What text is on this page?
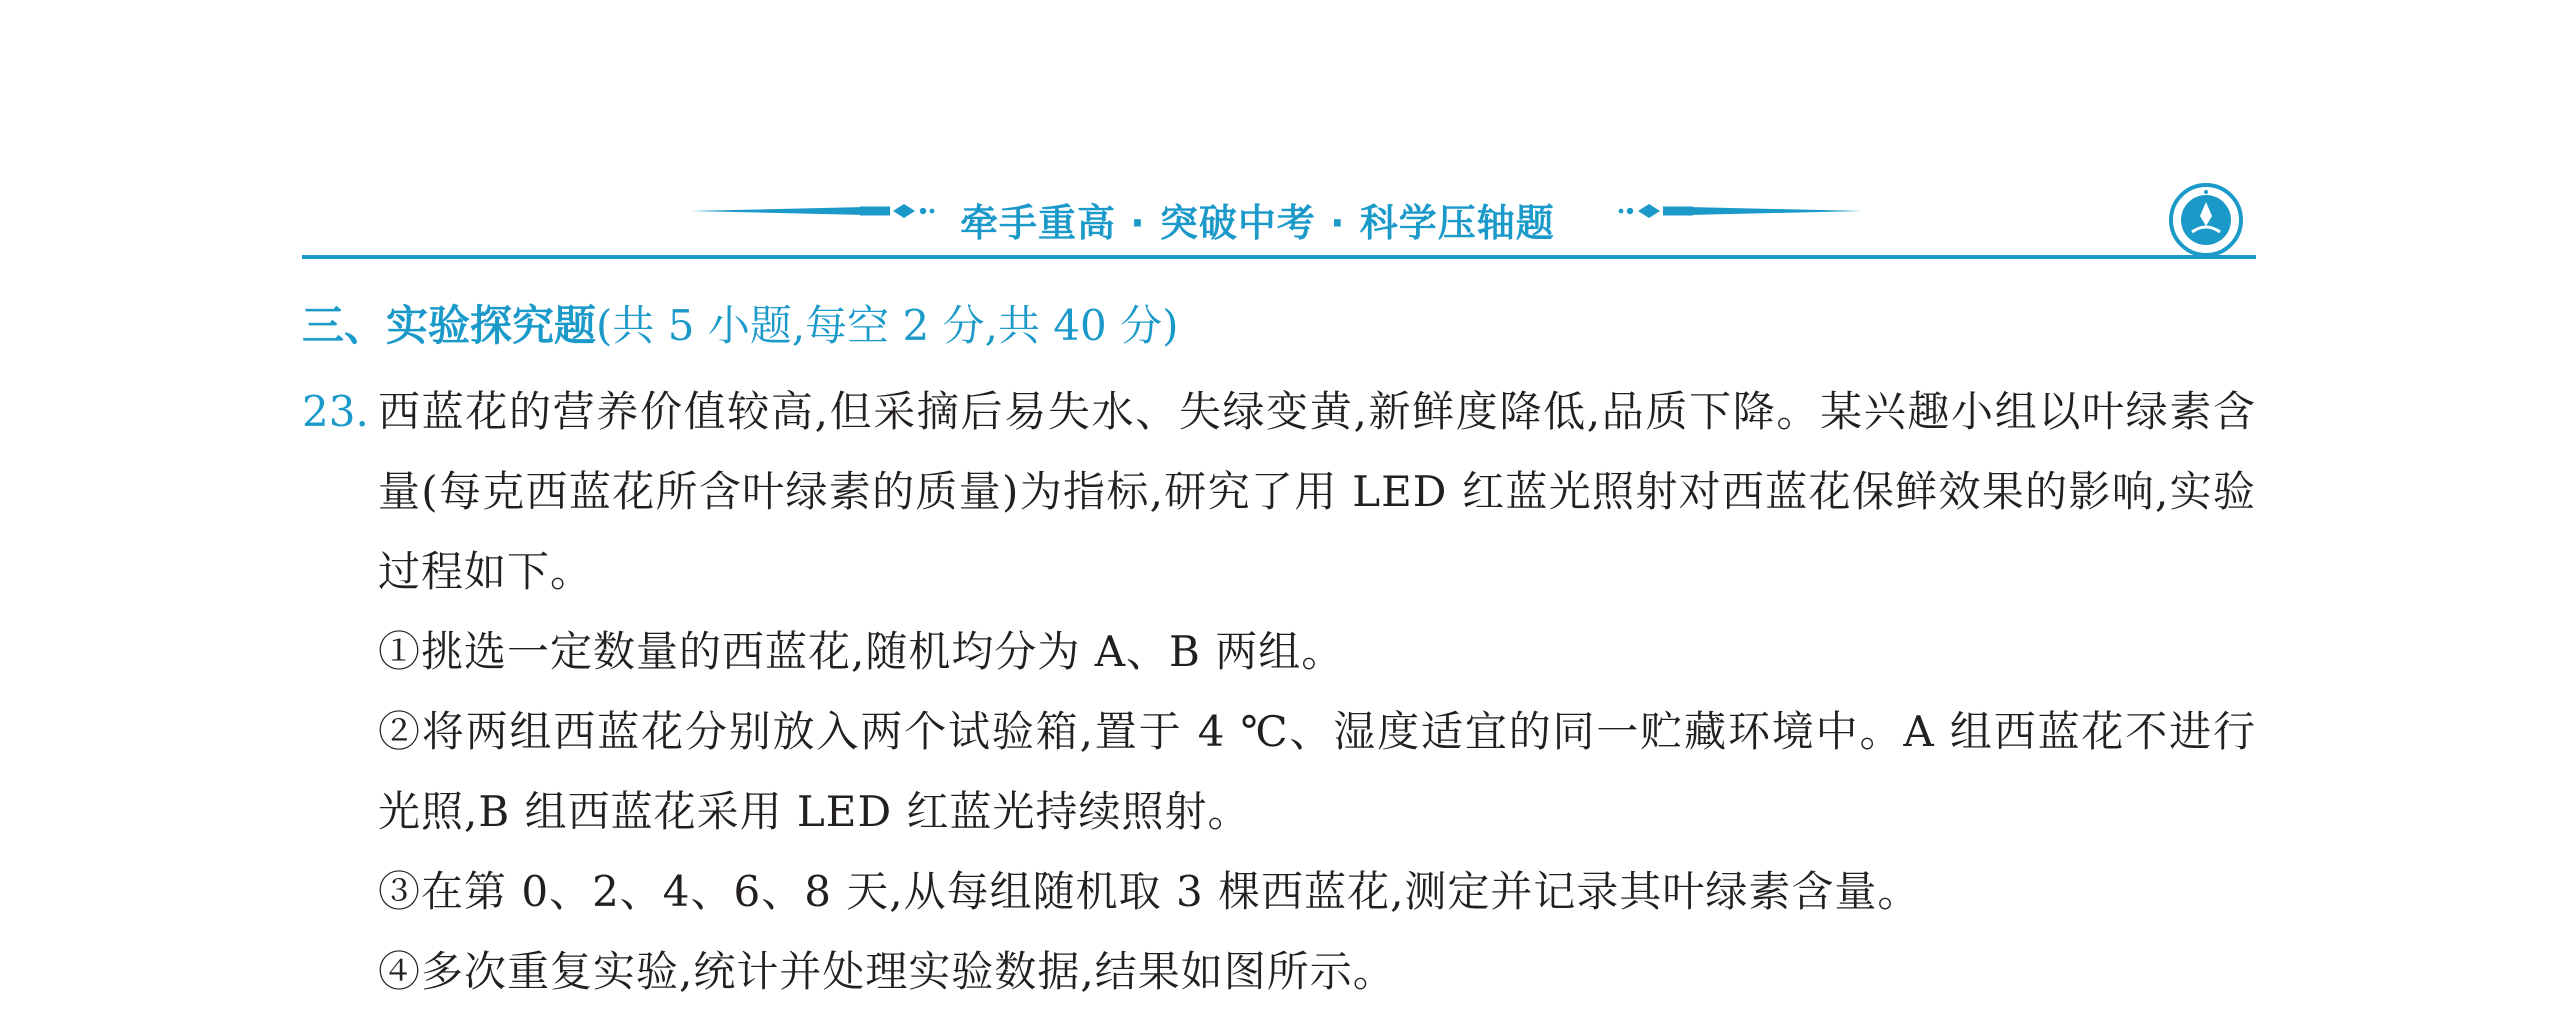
牵手重高 · 突破中考 · 科学压轴题
三、实验探究题(共 5 小题,每空 2 分,共 40 分)
23. 西蓝花的营养价值较高,但采摘后易失水、失绿变黄,新鲜度降低,品质下降。某兴趣小组以叶绿素含量(每克西蓝花所含叶绿素的质量)为指标,研究了用 LED 红蓝光照射对西蓝花保鲜效果的影响,实验过程如下。
①挑选一定数量的西蓝花,随机均分为 A、B 两组。
②将两组西蓝花分别放入两个试验箱,置于 4 ℃、湿度适宜的同一贮藏环境中。A 组西蓝花不进行光照,B 组西蓝花采用 LED 红蓝光持续照射。
③在第 0、2、4、6、8 天,从每组随机取 3 棵西蓝花,测定并记录其叶绿素含量。
④多次重复实验,统计并处理实验数据,结果如图所示。
